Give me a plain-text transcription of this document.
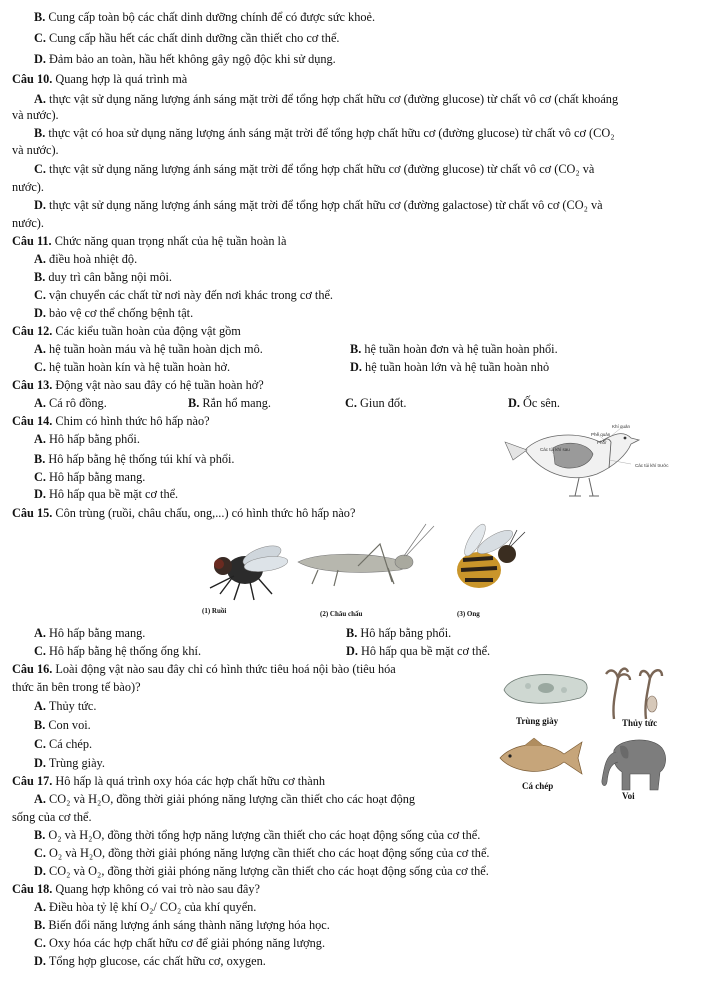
B. Cung cấp toàn bộ các chất dinh dưỡng chính để có được sức khoẻ.
C. Cung cấp hầu hết các chất dinh dưỡng cần thiết cho cơ thể.
D. Đảm bảo an toàn, hầu hết không gây ngộ độc khi sử dụng.
Câu 10. Quang hợp là quá trình mà
A. thực vật sử dụng năng lượng ánh sáng mặt trời để tổng hợp chất hữu cơ (đường glucose) từ chất vô cơ (chất khoáng
và nước).
B. thực vật có hoa sử dụng năng lượng ánh sáng mặt trời để tổng hợp chất hữu cơ (đường glucose) từ chất vô cơ (CO₂
và nước).
C. thực vật sử dụng năng lượng ánh sáng mặt trời để tổng hợp chất hữu cơ (đường glucose) từ chất vô cơ (CO₂ và
nước).
D. thực vật sử dụng năng lượng ánh sáng mặt trời để tổng hợp chất hữu cơ (đường galactose) từ chất vô cơ (CO₂ và
nước).
Câu 11. Chức năng quan trọng nhất của hệ tuần hoàn là
A. điều hoà nhiệt độ.
B. duy trì cân bằng nội môi.
C. vận chuyển các chất từ nơi này đến nơi khác trong cơ thể.
D. bảo vệ cơ thể chống bệnh tật.
Câu 12. Các kiểu tuần hoàn của động vật gồm
A. hệ tuần hoàn máu và hệ tuần hoàn dịch mô.	B. hệ tuần hoàn đơn và hệ tuần hoàn phổi.
C. hệ tuần hoàn kín và hệ tuần hoàn hở.	D. hệ tuần hoàn lớn và hệ tuần hoàn nhỏ
Câu 13. Động vật nào sau đây có hệ tuần hoàn hở?
A. Cá rô đồng.	B. Rắn hổ mang.	C. Giun đốt.	D. Ốc sên.
Câu 14. Chim có hình thức hô hấp nào?
A. Hô hấp bằng phổi.
B. Hô hấp bằng hệ thống túi khí và phổi.
C. Hô hấp bằng mang.
D. Hô hấp qua bề mặt cơ thể.
Câu 15. Côn trùng (ruồi, châu chấu, ong,...) có hình thức hô hấp nào?
A. Hô hấp bằng mang.	B. Hô hấp bằng phổi.
C. Hô hấp bằng hệ thống ống khí.	D. Hô hấp qua bề mặt cơ thể.
Câu 16. Loài động vật nào sau đây chỉ có hình thức tiêu hoá nội bào (tiêu hóa
thức ăn bên trong tế bào)?
A. Thủy tức.
B. Con voi.
C. Cá chép.
D. Trùng giày.
Câu 17. Hô hấp là quá trình oxy hóa các hợp chất hữu cơ thành
A. CO₂ và H₂O, đồng thời giải phóng năng lượng cần thiết cho các hoạt động
sống của cơ thể.
B. O₂ và H₂O, đồng thời tổng hợp năng lượng cần thiết cho các hoạt động sống của cơ thể.
C. O₂ và H₂O, đồng thời giải phóng năng lượng cần thiết cho các hoạt động sống của cơ thể.
D. CO₂ và O₂, đồng thời giải phóng năng lượng cần thiết cho các hoạt động sống của cơ thể.
Câu 18. Quang hợp không có vai trò nào sau đây?
A. Điều hòa tỷ lệ khí O₂/ CO₂ của khí quyển.
B. Biến đổi năng lượng ánh sáng thành năng lượng hóa học.
C. Oxy hóa các hợp chất hữu cơ để giải phóng năng lượng.
D. Tổng hợp glucose, các chất hữu cơ, oxygen.
Khí quản
Phế quản
Phổi
Các túi khí sau
Các túi khí trước
(1) Ruồi	(2) Châu chấu	(3) Ong
Trùng giày	Thủy tức
Cá chép
Voi
